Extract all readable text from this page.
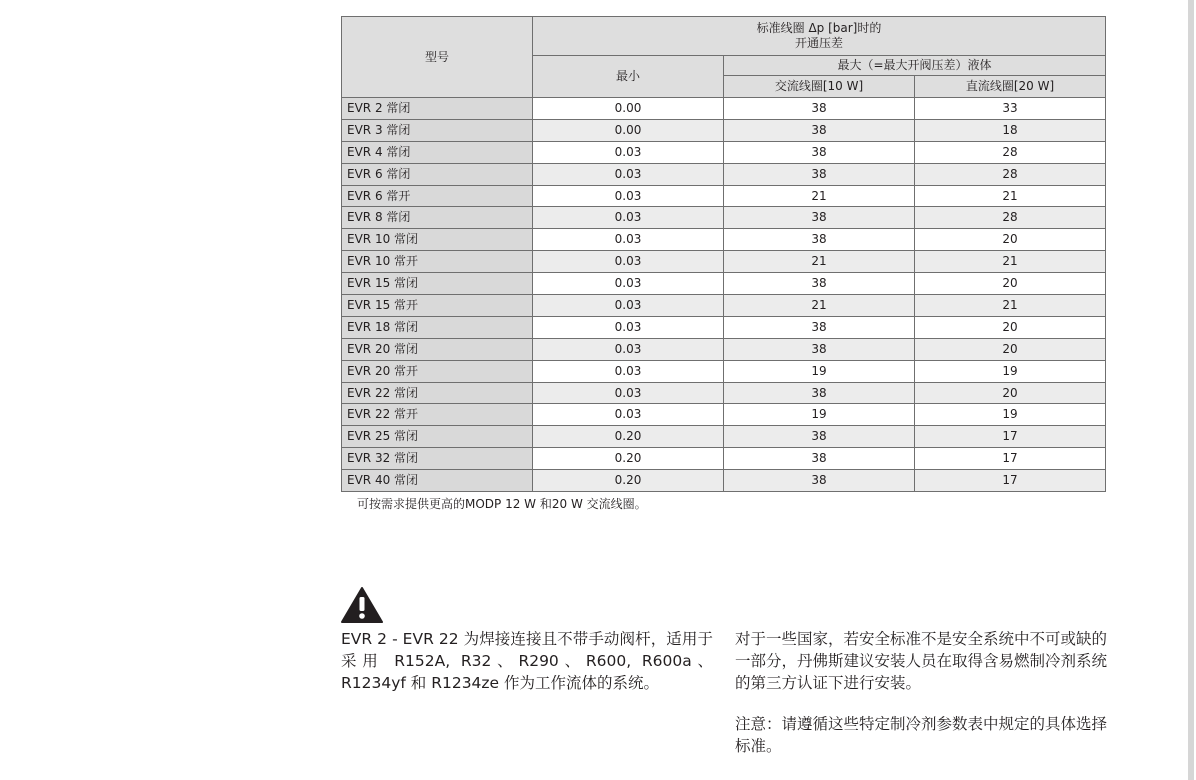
型号	标准线圈 Δp [bar]时的
开通压差		

	最小	最大（=最大开阀压差）液体	
		交流线圈[10 W]	直流线圈[20 W]
EVR 2 常闭	0.00	38	33
EVR 3 常闭	0.00	38	18
EVR 4 常闭	0.03	38	28
EVR 6 常闭	0.03	38	28
EVR 6 常开	0.03	21	21
EVR 8 常闭	0.03	38	28
EVR 10 常闭	0.03	38	20
EVR 10 常开	0.03	21	21
EVR 15 常闭	0.03	38	20
EVR 15 常开	0.03	21	21
EVR 18 常闭	0.03	38	20
EVR 20 常闭	0.03	38	20
EVR 20 常开	0.03	19	19
EVR 22 常闭	0.03	38	20
EVR 22 常开	0.03	19	19
EVR 25 常闭	0.20	38	17
EVR 32 常闭	0.20	38	17
EVR 40 常闭	0.20	38	17
可按需求提供更高的MODP 12 W 和20 W 交流线圈。

EVR 2 - EVR 22 为焊接连接且不带手动阀杆，适用于采用 R152A, R32、R290、R600, R600a、R1234yf 和 R1234ze 作为工作流体的系统。

对于一些国家，若安全标准不是安全系统中不可或缺的一部分，丹佛斯建议安装人员在取得含易燃制冷剂系统的第三方认证下进行安装。

注意：请遵循这些特定制冷剂参数表中规定的具体选择标准。
